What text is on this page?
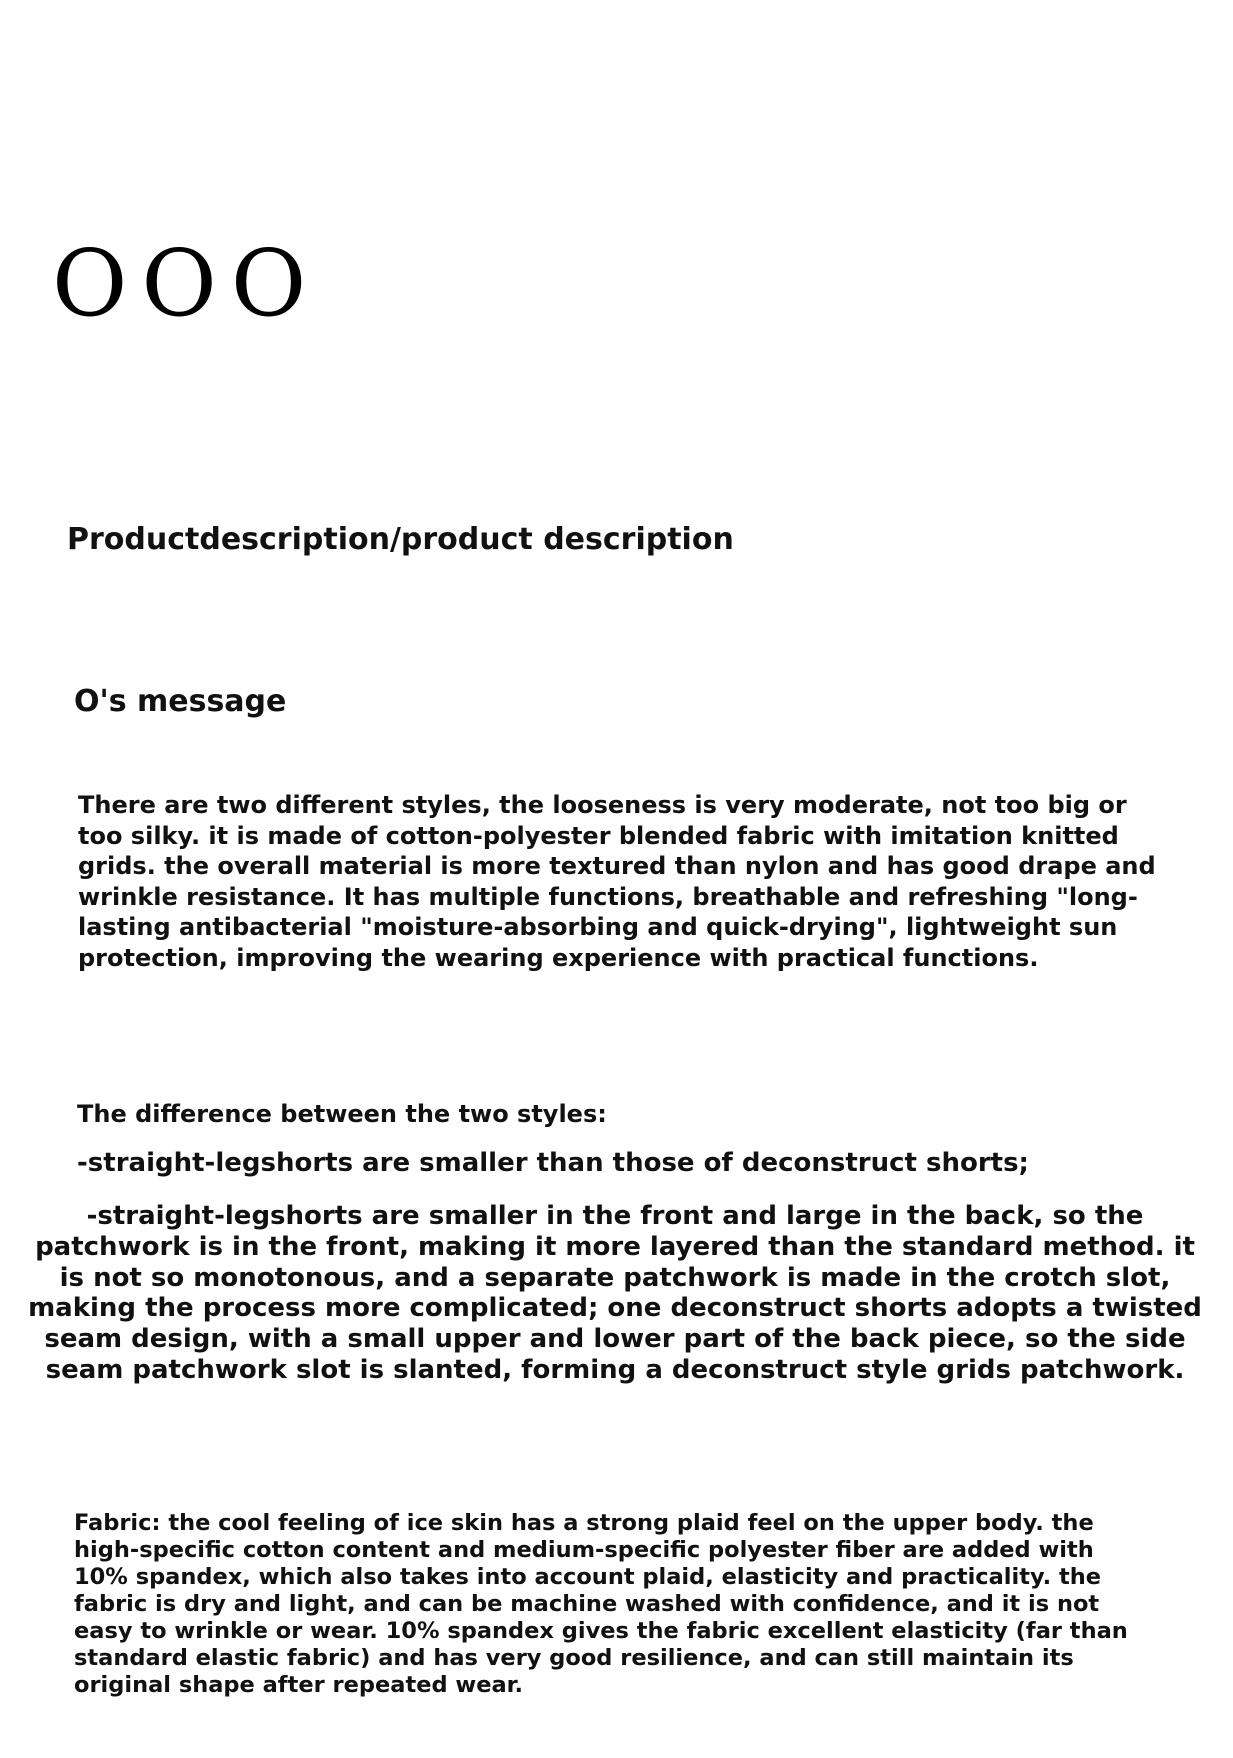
OOO
Productdescription/product description
O's message

There are two different styles, the looseness is very moderate, not too big or too silky. it is made of cotton-polyester blended fabric with imitation knitted grids. the overall material is more textured than nylon and has good drape and wrinkle resistance. It has multiple functions, breathable and refreshing "long-lasting antibacterial "moisture-absorbing and quick-drying", lightweight sun protection, improving the wearing experience with practical functions.

The difference between the two styles:
-straight-legshorts are smaller than those of deconstruct shorts;

-straight-legshorts are smaller in the front and large in the back, so the patchwork is in the front, making it more layered than the standard method. it is not so monotonous, and a separate patchwork is made in the crotch slot, making the process more complicated; one deconstruct shorts adopts a twisted seam design, with a small upper and lower part of the back piece, so the side seam patchwork slot is slanted, forming a deconstruct style grids patchwork.

Fabric: the cool feeling of ice skin has a strong plaid feel on the upper body. the high-specific cotton content and medium-specific polyester fiber are added with 10% spandex, which also takes into account plaid, elasticity and practicality. the fabric is dry and light, and can be machine washed with confidence, and it is not easy to wrinkle or wear. 10% spandex gives the fabric excellent elasticity (far than standard elastic fabric) and has very good resilience, and can still maintain its original shape after repeated wear.
